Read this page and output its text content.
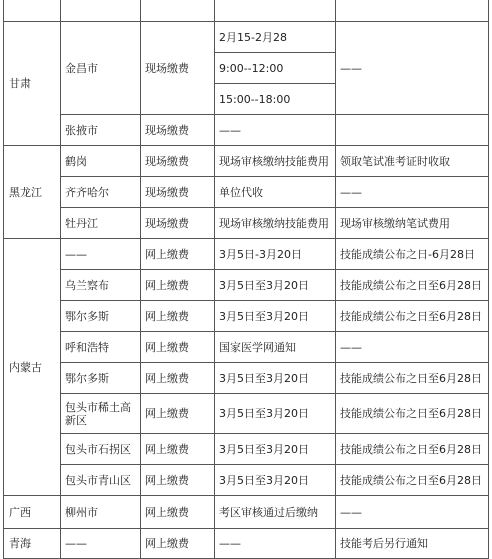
甘肃	金昌市	现场缴费	2月15-2月28	——
			9:00--12:00	
			15:00--18:00	
	张掖市	现场缴费	——	
黑龙江	鹤岗	现场缴费	现场审核缴纳技能费用	领取笔试准考证时收取
	齐齐哈尔	现场缴费	单位代收	——
	牡丹江	现场缴费	现场审核缴纳技能费用	现场审核缴纳笔试费用
内蒙古	——	网上缴费	3月5日-3月20日	技能成绩公布之日-6月28日
	乌兰察布	网上缴费	3月5日至3月20日	技能成绩公布之日至6月28日
	鄂尔多斯	网上缴费	3月5日至3月20日	技能成绩公布之日至6月28日
	呼和浩特	网上缴费	国家医学网通知	——
	鄂尔多斯	网上缴费	3月5日至3月20日	技能成绩公布之日至6月28日
	包头市稀土高新区	网上缴费	3月5日至3月20日	技能成绩公布之日至6月28日
	包头市石拐区	网上缴费	3月5日至3月20日	技能成绩公布之日至6月28日
	包头市青山区	网上缴费	3月5日至3月20日	技能成绩公布之日至6月28日
广西	柳州市	网上缴费	考区审核通过后缴纳	——
青海	——	网上缴费	——	技能考后另行通知
